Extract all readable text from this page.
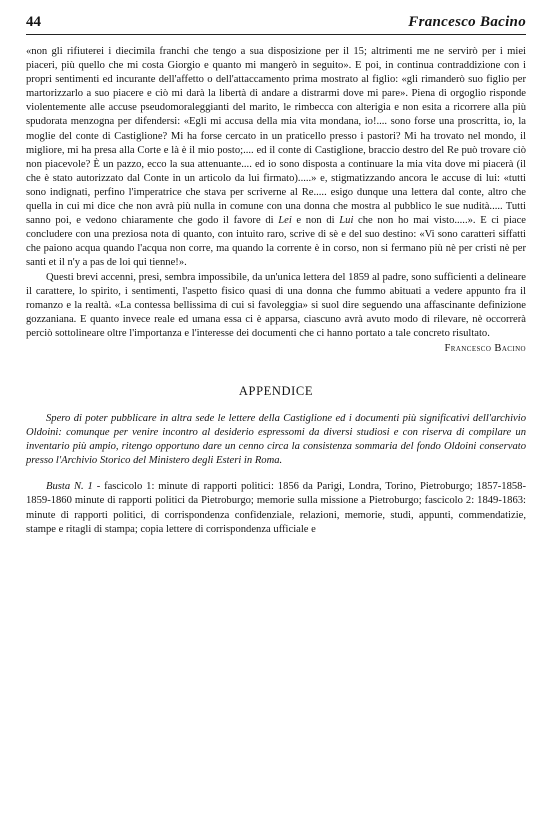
44	Francesco Bacino

«non gli rifiuterei i diecimila franchi che tengo a sua disposizione per il 15; altrimenti me ne servirò per i miei piaceri, più quello che mi costa Giorgio e quanto mi mangerò in seguito». E poi, in continua contraddizione con i propri sentimenti ed incurante dell'affetto o dell'attaccamento prima mostrato al figlio: «gli rimanderò suo figlio per martorizzarlo a suo piacere e ciò mi darà la libertà di andare a distrarmi dove mi pare». Piena di orgoglio risponde violentemente alle accuse pseudomoraleggianti del marito, le rimbecca con alterigia e non esita a ricorrere alla più spudorata menzogna per difendersi: «Egli mi accusa della mia vita mondana, io!.... sono forse una proscritta, io, la moglie del conte di Castiglione? Mi ha forse cercato in un praticello presso i pastori? Mi ha trovato nel mondo, il migliore, mi ha presa alla Corte e là è il mio posto;.... ed il conte di Castiglione, braccio destro del Re può trovare ciò non piacevole? È un pazzo, ecco la sua attenuante.... ed io sono disposta a continuare la mia vita dove mi piacerà (il che è stato autorizzato dal Conte in un articolo da lui firmato).....» e, stigmatizzando ancora le accuse di lui: «tutti sono indignati, perfino l'imperatrice che stava per scriverne al Re..... esigo dunque una lettera dal conte, altro che quella in cui mi dice che non avrà più nulla in comune con una donna che mostra al pubblico le sue nudità..... Tutti sanno poi, e vedono chiaramente che godo il favore di Lei e non di Lui che non ho mai visto.....». E ci piace concludere con una preziosa nota di quanto, con intuito raro, scrive di sè e del suo destino: «Vi sono caratteri siffatti che paiono acqua quando l'acqua non corre, ma quando la corrente è in corso, non si fermano più nè per cristi nè per santi et il n'y a pas de loi qui tienne!».

Questi brevi accenni, presi, sembra impossibile, da un'unica lettera del 1859 al padre, sono sufficienti a delineare il carattere, lo spirito, i sentimenti, l'aspetto fisico quasi di una donna che fummo abituati a vedere appunto fra il romanzo e la realtà. «La contessa bellissima di cui si favoleggia» si suol dire seguendo una affascinante definizione gozzaniana. E quanto invece reale ed umana essa ci è apparsa, ciascuno avrà avuto modo di rilevare, nè occorrerà perciò sottolineare oltre l'importanza e l'interesse dei documenti che ci hanno portato a tale concreto risultato.

Francesco Bacino
APPENDICE

Spero di poter pubblicare in altra sede le lettere della Castiglione ed i documenti più significativi dell'archivio Oldoini: comunque per venire incontro al desiderio espressomi da diversi studiosi e con riserva di compilare un inventario più ampio, ritengo opportuno dare un cenno circa la consistenza sommaria del fondo Oldoini conservato presso l'Archivio Storico del Ministero degli Esteri in Roma.

Busta N. 1 - fascicolo 1: minute di rapporti politici: 1856 da Parigi, Londra, Torino, Pietroburgo; 1857-1858-1859-1860 minute di rapporti politici da Pietroburgo; memorie sulla missione a Pietroburgo; fascicolo 2: 1849-1863: minute di rapporti politici, di corrispondenza confidenziale, relazioni, memorie, studi, appunti, commendatizie, stampe e ritagli di stampa; copia lettere di corrispondenza ufficiale e
